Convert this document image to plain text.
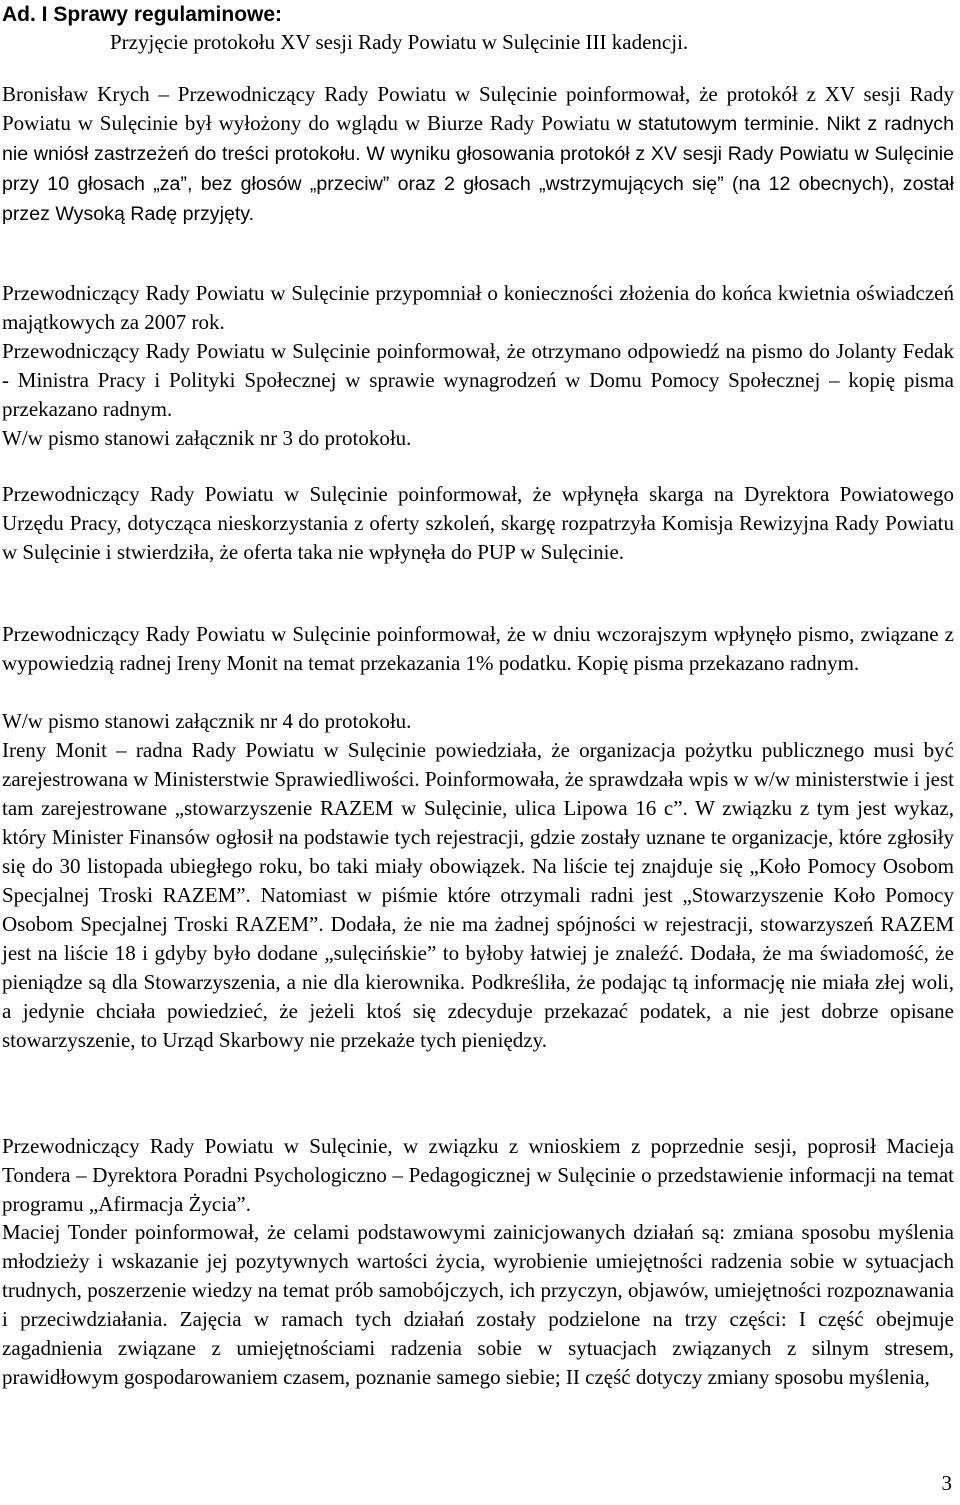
Ad. I Sprawy regulaminowe:

Przyjęcie protokołu XV sesji Rady Powiatu w Sulęcinie III kadencji.

Bronisław Krych – Przewodniczący Rady Powiatu w Sulęcinie poinformował, że protokół z XV sesji Rady Powiatu w Sulęcinie był wyłożony do wglądu w Biurze Rady Powiatu w statutowym terminie. Nikt z radnych nie wniósł zastrzeżeń do treści protokołu. W wyniku głosowania protokół z XV sesji Rady Powiatu w Sulęcinie przy 10 głosach „za”, bez głosów „przeciw” oraz 2 głosach „wstrzymujących się” (na 12 obecnych), został przez Wysoką Radę przyjęty.

Przewodniczący Rady Powiatu w Sulęcinie przypomniał o konieczności złożenia do końca kwietnia oświadczeń majątkowych za 2007 rok.

Przewodniczący Rady Powiatu w Sulęcinie poinformował, że otrzymano odpowiedź na pismo do Jolanty Fedak - Ministra Pracy i Polityki Społecznej w sprawie wynagrodzeń w Domu Pomocy Społecznej – kopię pisma przekazano radnym.

W/w pismo stanowi załącznik nr 3 do protokołu.

Przewodniczący Rady Powiatu w Sulęcinie poinformował, że wpłynęła skarga na Dyrektora Powiatowego Urzędu Pracy, dotycząca nieskorzystania z oferty szkoleń, skargę rozpatrzyła Komisja Rewizyjna Rady Powiatu w Sulęcinie i stwierdziła, że oferta taka nie wpłynęła do PUP w Sulęcinie.

Przewodniczący Rady Powiatu w Sulęcinie poinformował, że w dniu wczorajszym wpłynęło pismo, związane z wypowiedzią radnej Ireny Monit na temat przekazania 1% podatku. Kopię pisma przekazano radnym.

W/w pismo stanowi załącznik nr 4 do protokołu.

Ireny Monit – radna Rady Powiatu w Sulęcinie powiedziała, że organizacja pożytku publicznego musi być zarejestrowana w Ministerstwie Sprawiedliwości. Poinformowała, że sprawdzała wpis w w/w ministerstwie i jest tam zarejestrowane „stowarzyszenie RAZEM w Sulęcinie, ulica Lipowa 16 c”. W związku z tym jest wykaz, który Minister Finansów ogłosił na podstawie tych rejestracji, gdzie zostały uznane te organizacje, które zgłosiły się do 30 listopada ubiegłego roku, bo taki miały obowiązek. Na liście tej znajduje się „Koło Pomocy Osobom Specjalnej Troski RAZEM”. Natomiast w piśmie które otrzymali radni jest „Stowarzyszenie Koło Pomocy Osobom Specjalnej Troski RAZEM”. Dodała, że nie ma żadnej spójności w rejestracji, stowarzyszeń RAZEM jest na liście 18 i gdyby było dodane „sulęcińskie” to byłoby łatwiej je znaleźć. Dodała, że ma świadomość, że pieniądze są dla Stowarzyszenia, a nie dla kierownika. Podkreśliła, że podając tą informację nie miała złej woli, a jedynie chciała powiedzieć, że jeżeli ktoś się zdecyduje przekazać podatek, a nie jest dobrze opisane stowarzyszenie, to Urząd Skarbowy nie przekaże tych pieniędzy.

Przewodniczący Rady Powiatu w Sulęcinie, w związku z wnioskiem z poprzednie sesji, poprosił Macieja Tondera – Dyrektora Poradni Psychologiczno – Pedagogicznej w Sulęcinie o przedstawienie informacji na temat programu „Afirmacja Życia”.

Maciej Tonder poinformował, że celami podstawowymi zainicjowanych działań są: zmiana sposobu myślenia młodzieży i wskazanie jej pozytywnych wartości życia, wyrobienie umiejętności radzenia sobie w sytuacjach trudnych, poszerzenie wiedzy na temat prób samobójczych, ich przyczyn, objawów, umiejętności rozpoznawania i przeciwdziałania. Zajęcia w ramach tych działań zostały podzielone na trzy części: I część obejmuje zagadnienia związane z umiejętnościami radzenia sobie w sytuacjach związanych z silnym stresem, prawidłowym gospodarowaniem czasem, poznanie samego siebie; II część dotyczy zmiany sposobu myślenia,

3
